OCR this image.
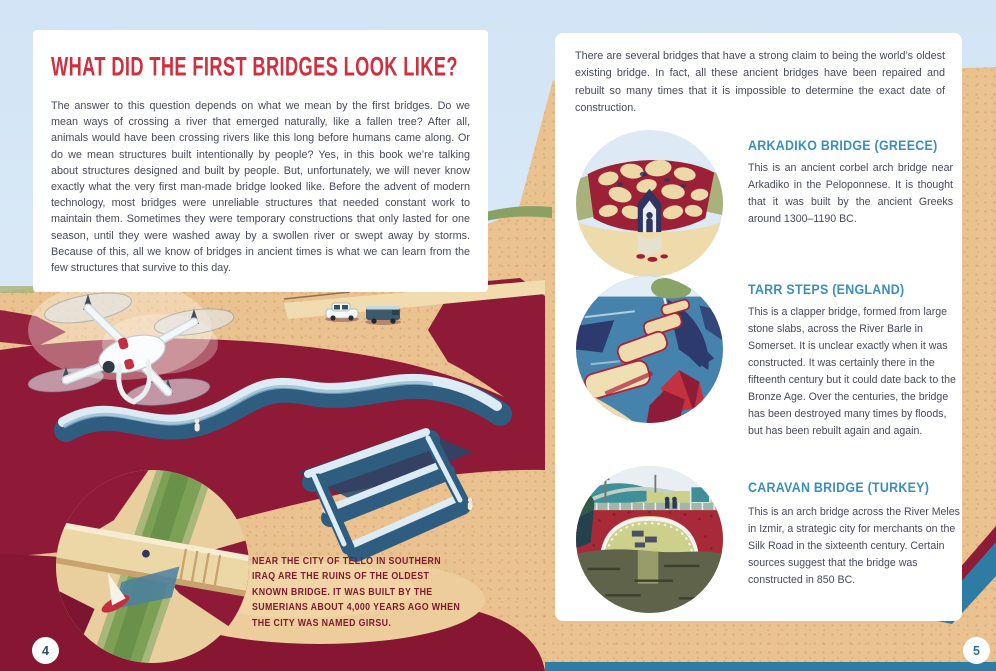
WHAT DID THE FIRST BRIDGES LOOK LIKE?

The answer to this question depends on what we mean by the first bridges. Do we mean ways of crossing a river that emerged naturally, like a fallen tree? After all, animals would have been crossing rivers like this long before humans came along. Or do we mean structures built intentionally by people? Yes, in this book we’re talking about structures designed and built by people. But, unfortunately, we will never know exactly what the very first man-made bridge looked like. Before the advent of modern technology, most bridges were unreliable structures that needed constant work to maintain them. Sometimes they were temporary constructions that only lasted for one season, until they were washed away by a swollen river or swept away by storms. Because of this, all we know of bridges in ancient times is what we can learn from the few structures that survive to this day.

NEAR THE CITY OF TELLO IN SOUTHERN IRAQ ARE THE RUINS OF THE OLDEST KNOWN BRIDGE. IT WAS BUILT BY THE SUMERIANS ABOUT 4,000 YEARS AGO WHEN THE CITY WAS NAMED GIRSU.

There are several bridges that have a strong claim to being the world’s oldest existing bridge. In fact, all these ancient bridges have been repaired and rebuilt so many times that it is impossible to determine the exact date of construction.

ARKADIKO BRIDGE (GREECE)

This is an ancient corbel arch bridge near Arkadiko in the Peloponnese. It is thought that it was built by the ancient Greeks around 1300–1190 BC.

TARR STEPS (ENGLAND)

This is a clapper bridge, formed from large stone slabs, across the River Barle in Somerset. It is unclear exactly when it was constructed. It was certainly there in the fifteenth century but it could date back to the Bronze Age. Over the centuries, the bridge has been destroyed many times by floods, but has been rebuilt again and again.

CARAVAN BRIDGE (TURKEY)

This is an arch bridge across the River Meles in Izmir, a strategic city for merchants on the Silk Road in the sixteenth century. Certain sources suggest that the bridge was constructed in 850 BC.

4	5
